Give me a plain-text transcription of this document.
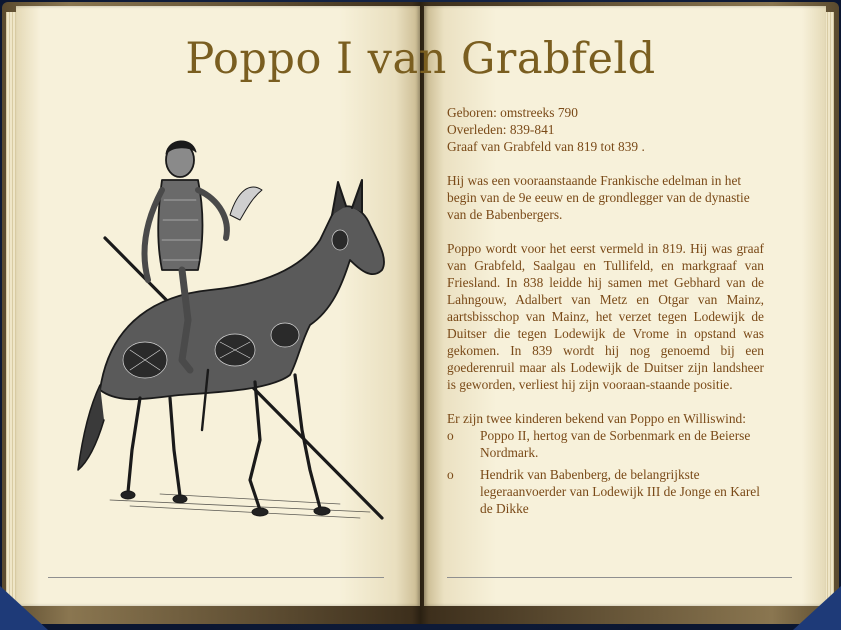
Poppo I van Grabfeld

Geboren: omstreeks 790

Overleden: 839-841

Graaf van Grabfeld van 819 tot 839 .

Hij was een vooraanstaande Frankische edelman in het begin van de 9e eeuw en de grondlegger van de dynastie van de Babenbergers.

Poppo wordt voor het eerst vermeld in 819. Hij was graaf van Grabfeld, Saalgau en Tullifeld, en markgraaf van Friesland. In 838 leidde hij samen met Gebhard van de Lahngouw, Adalbert van Metz en Otgar van Mainz, aartsbisschop van Mainz, het verzet tegen Lodewijk de Duitser die tegen Lodewijk de Vrome in opstand was gekomen. In 839 wordt hij nog genoemd bij een goederenruil maar als Lodewijk de Duitser zijn landsheer is geworden, verliest hij zijn vooraan-staande positie.

Er zijn twee kinderen bekend van Poppo en Williswind:

o Poppo II, hertog van de Sorbenmark en de Beierse Nordmark.
o Hendrik van Babenberg, de belangrijkste legeraanvoerder van Lodewijk III de Jonge en Karel de Dikke
